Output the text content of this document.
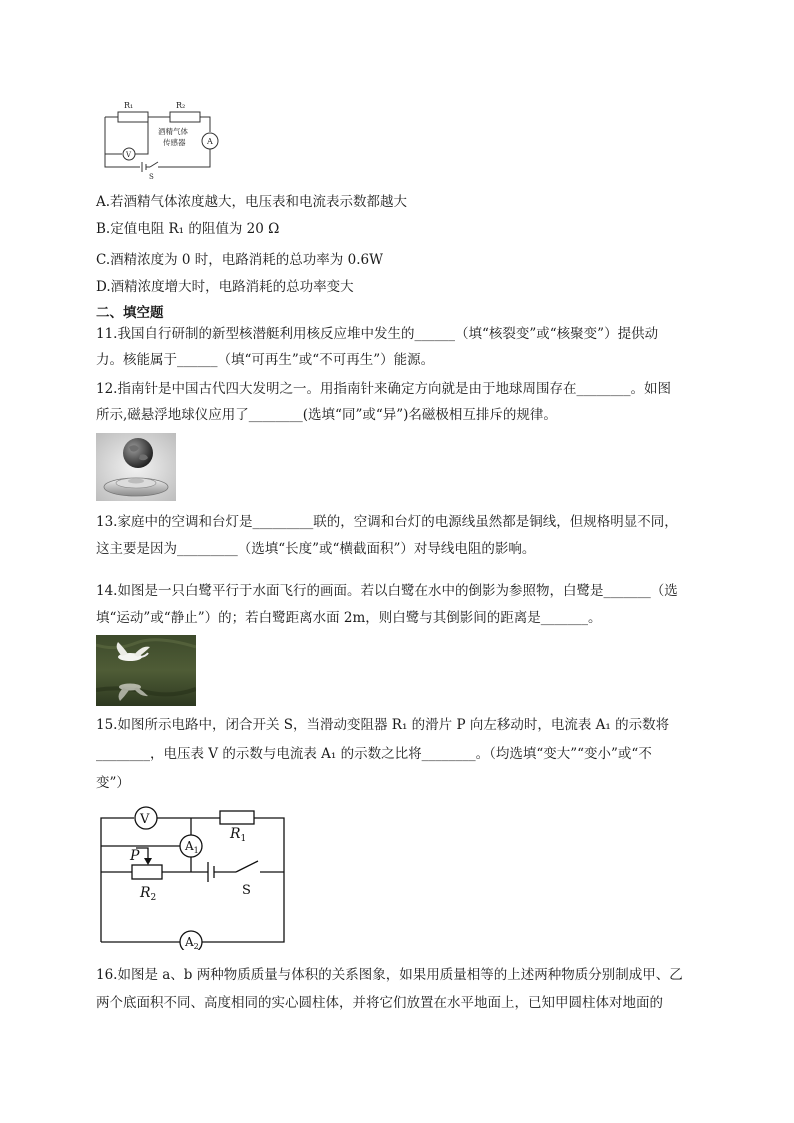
R₁	R₂
酒精气体
传感器	A
V
S
A.若酒精气体浓度越大，电压表和电流表示数都越大
B.定值电阻 R₁ 的阻值为 20 Ω
C.酒精浓度为 0 时，电路消耗的总功率为 0.6W
D.酒精浓度增大时，电路消耗的总功率变大
二、填空题
11.我国自行研制的新型核潜艇利用核反应堆中发生的______（填“核裂变”或“核聚变”）提供动
力。核能属于______（填“可再生”或“不可再生”）能源。
12.指南针是中国古代四大发明之一。用指南针来确定方向就是由于地球周围存在________。如图
所示,磁悬浮地球仪应用了________(选填“同”或“异”)名磁极相互排斥的规律。
13.家庭中的空调和台灯是_________联的，空调和台灯的电源线虽然都是铜线，但规格明显不同，
这主要是因为_________（选填“长度”或“横截面积”）对导线电阻的影响。
14.如图是一只白鹭平行于水面飞行的画面。若以白鹭在水中的倒影为参照物，白鹭是_______（选
填“运动”或“静止”）的；若白鹭距离水面 2m，则白鹭与其倒影间的距离是_______。
15.如图所示电路中，闭合开关 S，当滑动变阻器 R₁ 的滑片 P 向左移动时，电流表 A₁ 的示数将
________，电压表 V 的示数与电流表 A₁ 的示数之比将________。（均选填“变大”“变小”或“不
变”）
V
$R_1$
$A_1$
P
$R_2$	S
$A_2$
16.如图是 a、b 两种物质质量与体积的关系图象，如果用质量相等的上述两种物质分别制成甲、乙
两个底面积不同、高度相同的实心圆柱体，并将它们放置在水平地面上，已知甲圆柱体对地面的
